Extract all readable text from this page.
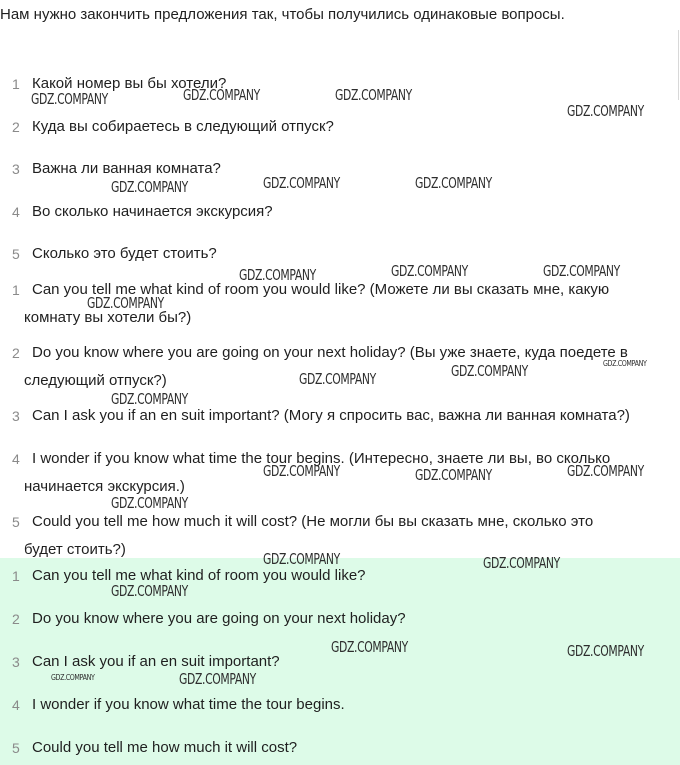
Нам нужно закончить предложения так, чтобы получились одинаковые вопросы.
1 Какой номер вы бы хотели?
2 Куда вы собираетесь в следующий отпуск?
3 Важна ли ванная комната?
4 Во сколько начинается экскурсия?
5 Сколько это будет стоить?
1 Can you tell me what kind of room you would like? (Можете ли вы сказать мне, какую
комнату вы хотели бы?)
2 Do you know where you are going on your next holiday? (Вы уже знаете, куда поедете в
следующий отпуск?)
3 Can I ask you if an en suit important? (Могу я спросить вас, важна ли ванная комната?)
4 I wonder if you know what time the tour begins. (Интересно, знаете ли вы, во сколько
начинается экскурсия.)
5 Could you tell me how much it will cost? (Не могли бы вы сказать мне, сколько это
будет стоить?)
1 Can you tell me what kind of room you would like?
2 Do you know where you are going on your next holiday?
3 Can I ask you if an en suit important?
4 I wonder if you know what time the tour begins.
5 Could you tell me how much it will cost?
GDZ.COMPANY	GDZ.COMPANY	GDZ.COMPANY
GDZ.COMPANY
GDZ.COMPANY	GDZ.COMPANY	GDZ.COMPANY
GDZ.COMPANY	GDZ.COMPANY	GDZ.COMPANY
GDZ.COMPANY
GDZ.COMPANY
GDZ.COMPANY	GDZ.COMPANY
GDZ.COMPANY
GDZ.COMPANY	GDZ.COMPANY	GDZ.COMPANY
GDZ.COMPANY
GDZ.COMPANY	GDZ.COMPANY
GDZ.COMPANY
GDZ.COMPANY	GDZ.COMPANY
GDZ.COMPANY	GDZ.COMPANY
